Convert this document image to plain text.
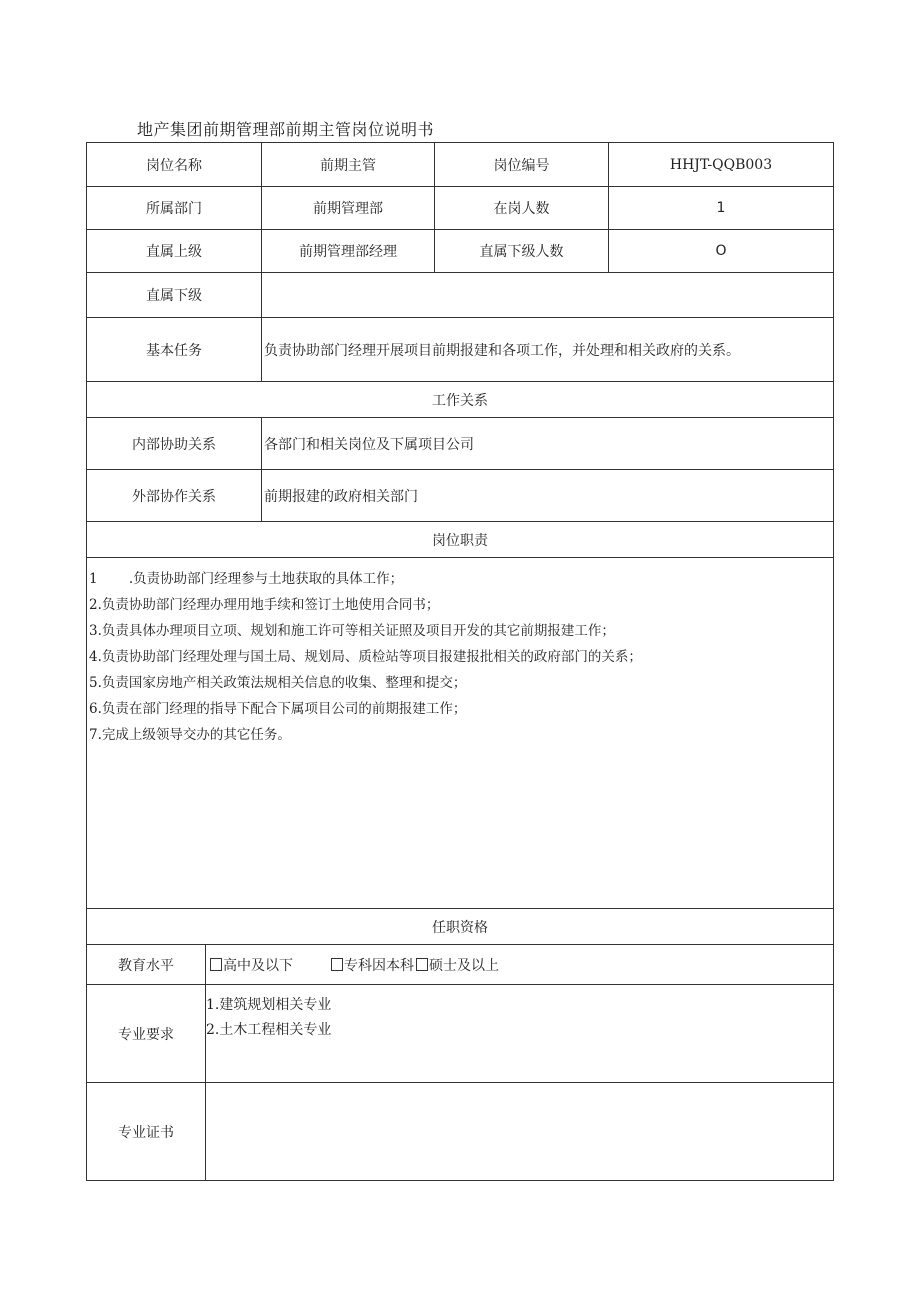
地产集团前期管理部前期主管岗位说明书
岗位名称	前期主管	岗位编号	HHJT-QQB003
所属部门	前期管理部	在岗人数	1
直属上级	前期管理部经理	直属下级人数	O
直属下级
基本任务	负责协助部门经理开展项目前期报建和各项工作，并处理和相关政府的关系。
工作关系
内部协助关系	各部门和相关岗位及下属项目公司
外部协作关系	前期报建的政府相关部门
岗位职责
1　　 .负责协助部门经理参与土地获取的具体工作；
2.负责协助部门经理办理用地手续和签订土地使用合同书；
3.负责具体办理项目立项、规划和施工许可等相关证照及项目开发的其它前期报建工作；
4.负责协助部门经理处理与国土局、规划局、质检站等项目报建报批相关的政府部门的关系；
5.负责国家房地产相关政策法规相关信息的收集、整理和提交；
6.负责在部门经理的指导下配合下属项目公司的前期报建工作；
7.完成上级领导交办的其它任务。
任职资格
教育水平	高中及以下	专科因本科 硕士及以上
专业要求
1.建筑规划相关专业
2.土木工程相关专业
专业证书
